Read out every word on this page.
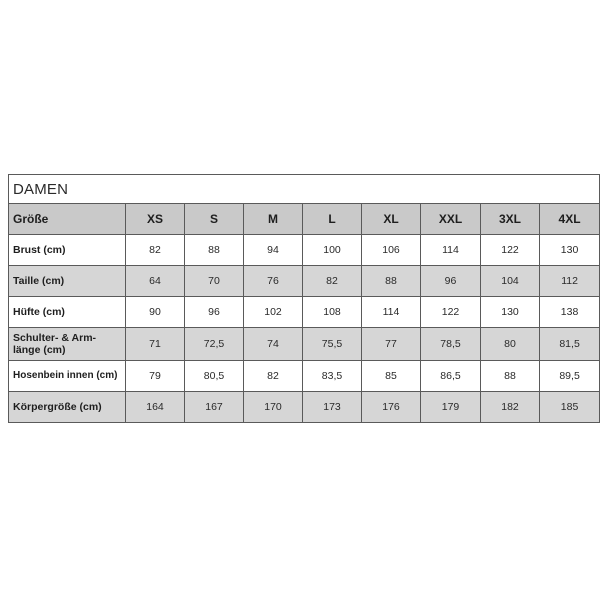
DAMEN								
Größe	XS	S	M	L	XL	XXL	3XL	4XL
Brust (cm)	82	88	94	100	106	114	122	130
Taille (cm)	64	70	76	82	88	96	104	112
Hüfte (cm)	90	96	102	108	114	122	130	138
Schulter- & Arm-länge (cm)	71	72,5	74	75,5	77	78,5	80	81,5
Hosenbein innen (cm)	79	80,5	82	83,5	85	86,5	88	89,5
Körpergröße (cm)	164	167	170	173	176	179	182	185
